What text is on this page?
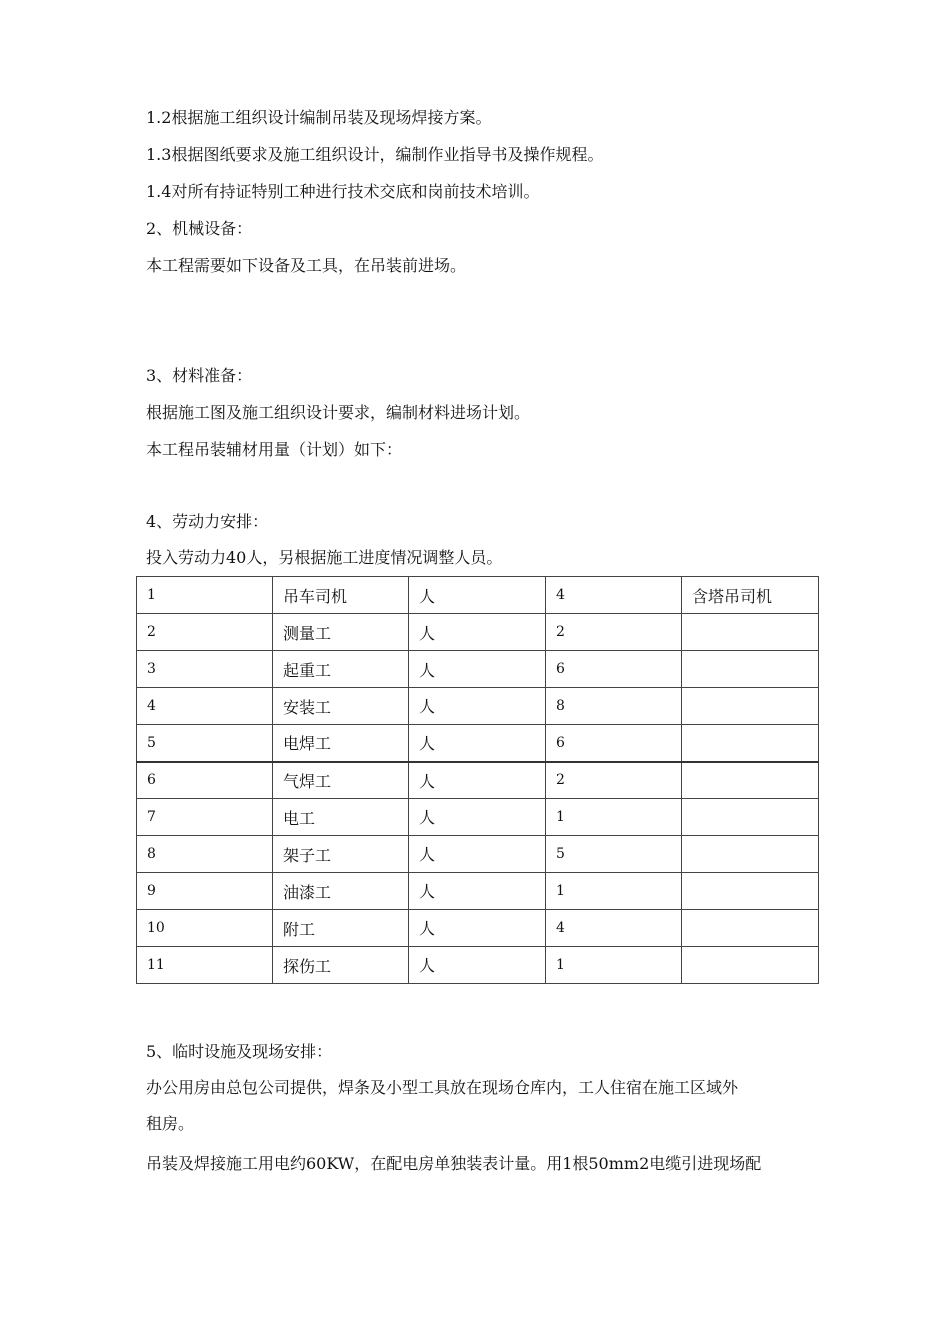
1.2根据施工组织设计编制吊装及现场焊接方案。
1.3根据图纸要求及施工组织设计，编制作业指导书及操作规程。
1.4对所有持证特别工种进行技术交底和岗前技术培训。
2、机械设备：
本工程需要如下设备及工具，在吊装前进场。
3、材料准备：
根据施工图及施工组织设计要求，编制材料进场计划。
本工程吊装辅材用量（计划）如下：
4、劳动力安排：
投入劳动力40人，另根据施工进度情况调整人员。
1	吊车司机	人	4	含塔吊司机
2	测量工	人	2	
3	起重工	人	6	
4	安装工	人	8	
5	电焊工	人	6	
6	气焊工	人	2	
7	电工	人	1	
8	架子工	人	5	
9	油漆工	人	1	
10	附工	人	4	
11	探伤工	人	1	
5、临时设施及现场安排：
办公用房由总包公司提供，焊条及小型工具放在现场仓库内，工人住宿在施工区域外
租房。
吊装及焊接施工用电约60KW，在配电房单独装表计量。用1根50mm2电缆引进现场配
